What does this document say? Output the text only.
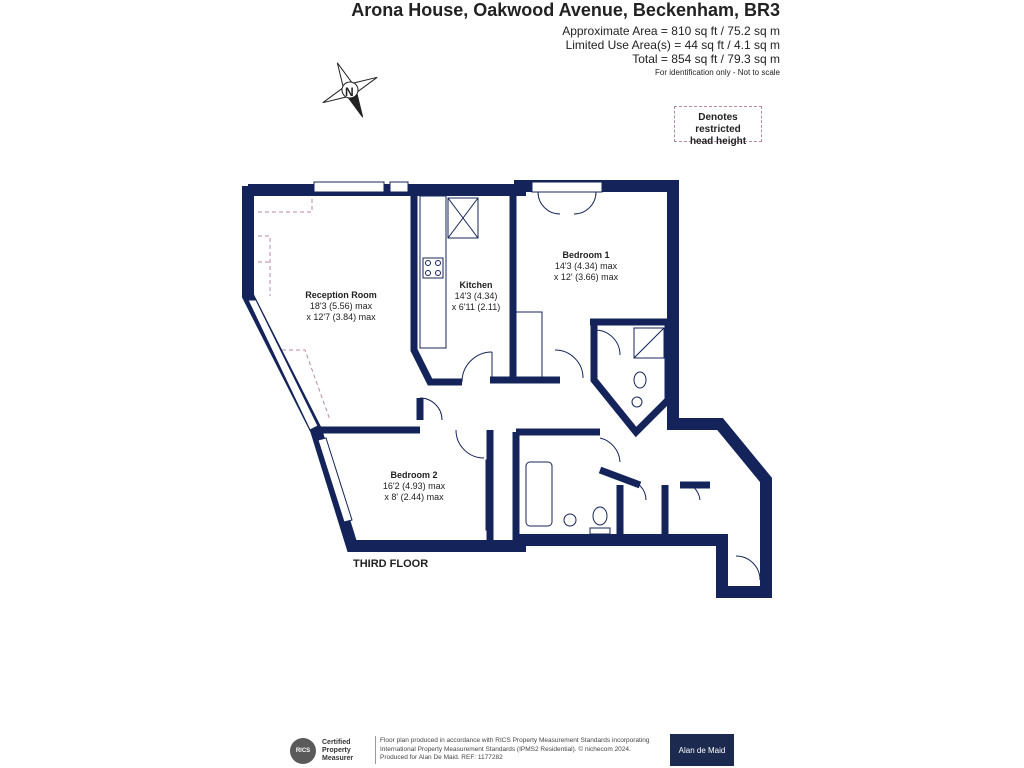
Arona House, Oakwood Avenue, Beckenham, BR3
Approximate Area = 810 sq ft / 75.2 sq m
Limited Use Area(s) = 44 sq ft / 4.1 sq m
Total = 854 sq ft / 79.3 sq m
For identification only - Not to scale
Denotes restricted
head height
N
Reception Room
18'3 (5.56) max
x 12'7 (3.84) max
Kitchen
14'3 (4.34)
x 6'11 (2.11)
Bedroom 1
14'3 (4.34) max
x 12' (3.66) max
Bedroom 2
16'2 (4.93) max
x 8' (2.44) max
THIRD FLOOR
RICS
Certified
Property
Measurer
Floor plan produced in accordance with RICS Property Measurement Standards incorporating
International Property Measurement Standards (IPMS2 Residential). © nichecom 2024.
Produced for Alan De Maid. REF: 1177282
Alan de Maid
